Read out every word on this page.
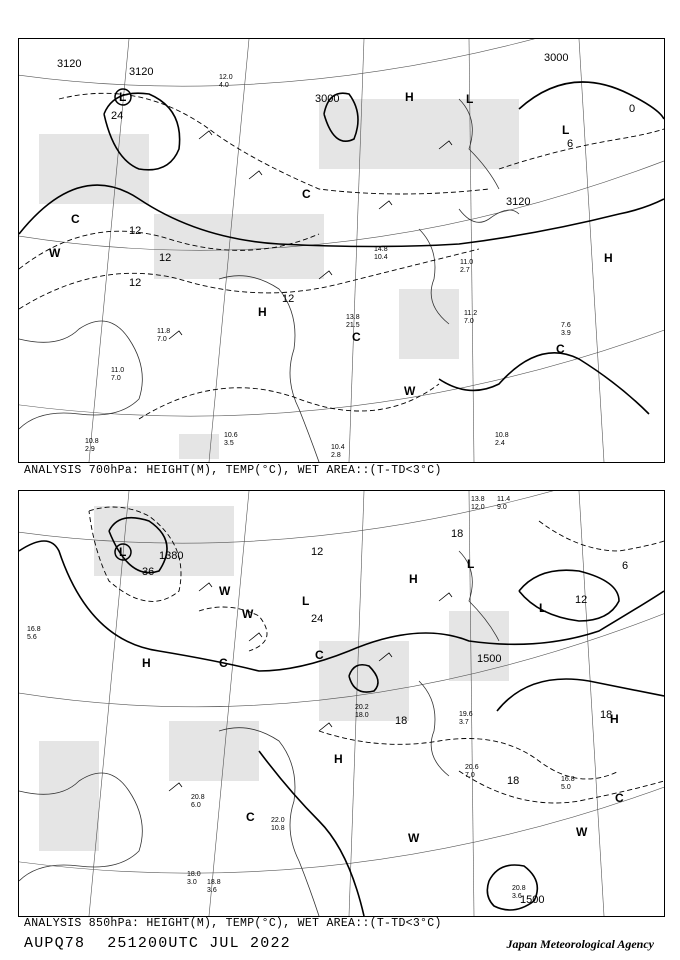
3120
3120
3000
3000
3120
L	L
L
H
H
C
C
C
C
W
W
H
24
12
12
12
12
0
6
11.2
7.0
7.6
3.9
10.4
2.8
10.6
3.5
10.8
2.4
11.0
7.0
11.8
7.0
10.8
2.9
13.8
21.5
14.8
10.4
11.0
2.7
12.0
4.0
ANALYSIS 700hPa: HEIGHT(M), TEMP(°C), WET AREA::(T-TD<3°C)
1380
1500
1500
L
L
L
L
H
H
H
H
W
W
W	W
C
C
C
C
36
24
18
18
12
18
6
18
12
20.6
7.0
16.8
5.0
20.8
3.6
18.8
3.6
22.0
10.8
20.8
6.0
19.6
3.7
16.8
5.6
18.0
3.0
13.8
12.0
11.4
9.0
20.2
18.0
ANALYSIS 850hPa: HEIGHT(M), TEMP(°C), WET AREA::(T-TD<3°C)
AUPQ78 251200UTC JUL 2022	Japan Meteorological Agency
